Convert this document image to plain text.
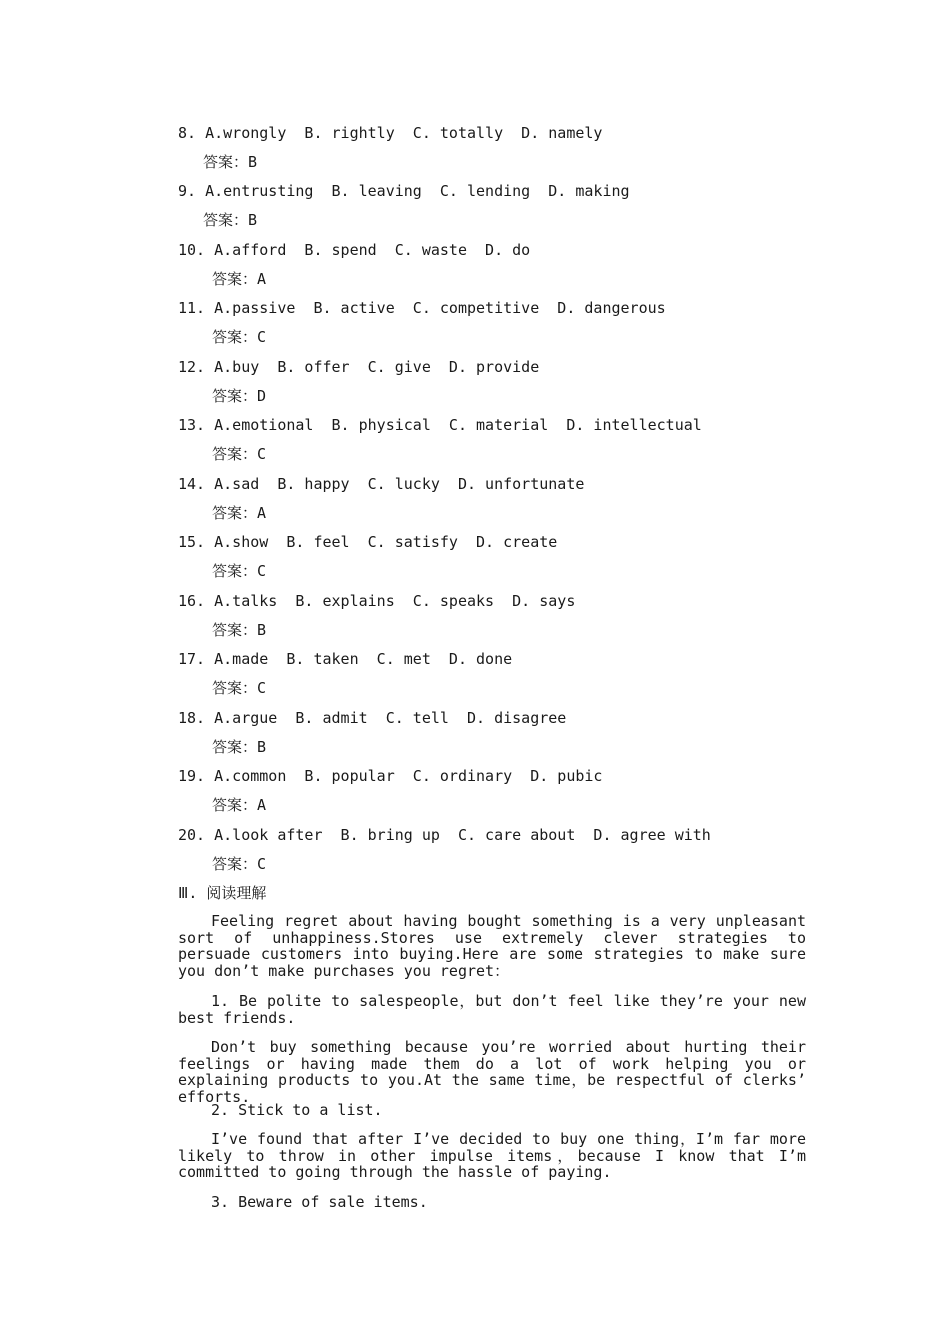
8. A.wrongly  B. rightly  C. totally  D. namely
答案：B
9. A.entrusting  B. leaving  C. lending  D. making
答案：B
10. A.afford  B. spend  C. waste  D. do
答案：A
11. A.passive  B. active  C. competitive  D. dangerous
答案：C
12. A.buy  B. offer  C. give  D. provide
答案：D
13. A.emotional  B. physical  C. material  D. intellectual
答案：C
14. A.sad  B. happy  C. lucky  D. unfortunate
答案：A
15. A.show  B. feel  C. satisfy  D. create
答案：C
16. A.talks  B. explains  C. speaks  D. says
答案：B
17. A.made  B. taken  C. met  D. done
答案：C
18. A.argue  B. admit  C. tell  D. disagree
答案：B
19. A.common  B. popular  C. ordinary  D. pubic
答案：A
20. A.look after  B. bring up  C. care about  D. agree with
答案：C
Ⅲ. 阅读理解
Feeling regret about having bought something is a very unpleasant sort of unhappiness.Stores use extremely clever strategies to persuade customers into buying.Here are some strategies to make sure you don’t make purchases you regret：
1. Be polite to salespeople，but don’t feel like they’re your new best friends.
Don’t buy something because you’re worried about hurting their feelings or having made them do a lot of work helping you or explaining products to you.At the same time，be respectful of clerks’ efforts.
2. Stick to a list.
I’ve found that after I’ve decided to buy one thing，I’m far more likely to throw in other impulse items，because I know that I’m committed to going through the hassle of paying.
3. Beware of sale items.
